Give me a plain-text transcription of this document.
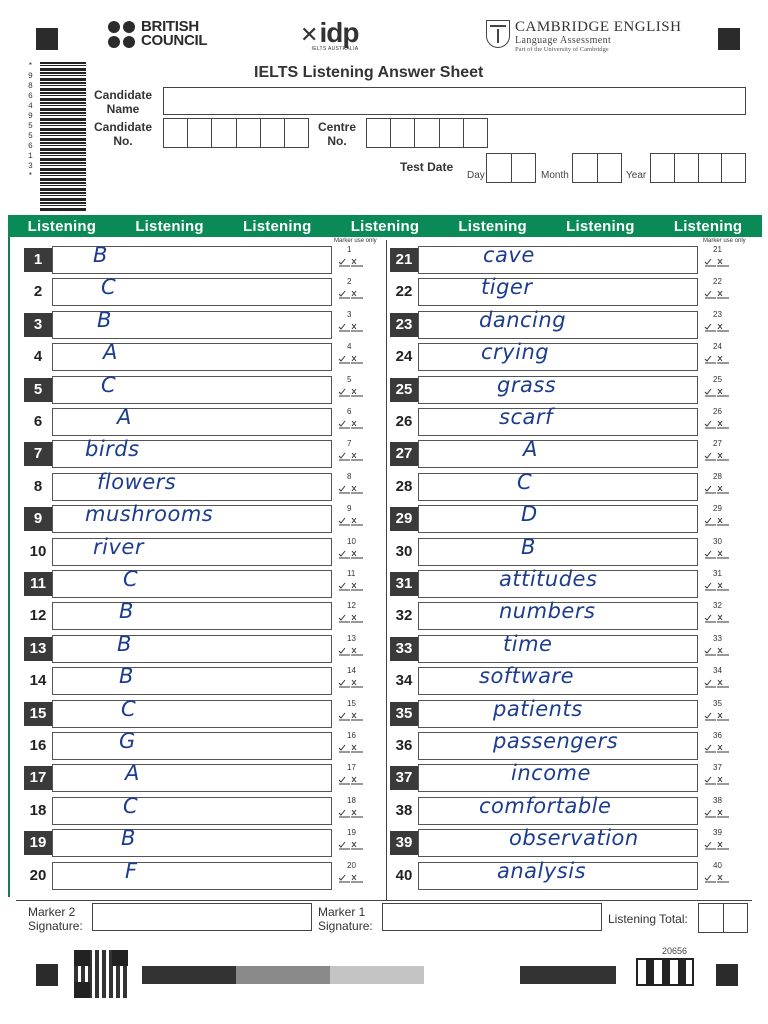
BRITISH
COUNCIL	✕idp
IELTS AUSTRALIA
CAMBRIDGE ENGLISH
Language Assessment
Part of the University of Cambridge
*9864955613*
IELTS Listening Answer Sheet
Candidate
Name
Candidate
No.
Centre
No.
Test Date
Day	Month	Year
Listening	Listening	Listening	Listening	Listening	Listening	Listening
Marker use only	Marker use only
1	B	1
2	C	2
3	B	3
4	A	4
5	C	5
6	A	6
7	birds	7
8	flowers	8
9	mushrooms	9
10 river	10
11	C	11
12	B	12
13	B	13
14	B	14
15	C	15
16	G	16
17	A	17
18	C	18
19	B	19
20	F	20
21	cave	21
22	tiger	22
23	dancing	23
24	crying	24
25	grass	25
26	scarf	26
27	A	27
28	C	28
29	D	29
30	B	30
31	attitudes	31
32	numbers	32
33	time	33
34	software	34
35	patients	35
36	passengers	36
37	income	37
38	comfortable	38
39	observation	39
40	analysis	40
Marker 2
Signature:
Marker 1
Signature:	Listening Total:
20656
